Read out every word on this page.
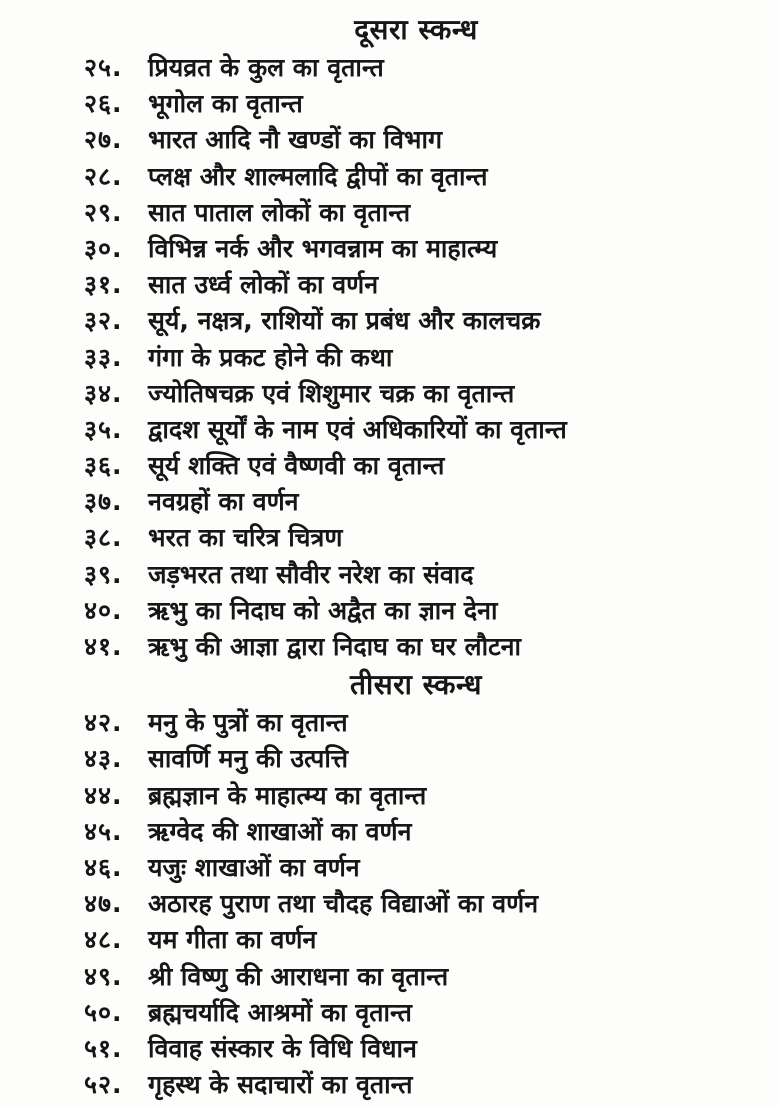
दूसरा स्कन्ध
२५.	प्रियव्रत के कुल का वृतान्त
२६.	भूगोल का वृतान्त
२७.	भारत आदि नौ खण्डों का विभाग
२८.	प्लक्ष और शाल्मलादि द्वीपों का वृतान्त
२९.	सात पाताल लोकों का वृतान्त
३०.	विभिन्न नर्क और भगवन्नाम का माहात्म्य
३१.	सात उर्ध्व लोकों का वर्णन
३२.	सूर्य, नक्षत्र, राशियों का प्रबंध और कालचक्र
३३.	गंगा के प्रकट होने की कथा
३४.	ज्योतिषचक्र एवं शिशुमार चक्र का वृतान्त
३५.	द्वादश सूर्यों के नाम एवं अधिकारियों का वृतान्त
३६.	सूर्य शक्ति एवं वैष्णवी का वृतान्त
३७.	नवग्रहों का वर्णन
३८.	भरत का चरित्र चित्रण
३९.	जड़भरत तथा सौवीर नरेश का संवाद
४०.	ऋभु का निदाघ को अद्वैत का ज्ञान देना
४१.	ऋभु की आज्ञा द्वारा निदाघ का घर लौटना
तीसरा स्कन्ध
४२.	मनु के पुत्रों का वृतान्त
४३.	सावर्णि मनु की उत्पत्ति
४४.	ब्रह्मज्ञान के माहात्म्य का वृतान्त
४५.	ऋग्वेद की शाखाओं का वर्णन
४६.	यजुः शाखाओं का वर्णन
४७.	अठारह पुराण तथा चौदह विद्याओं का वर्णन
४८.	यम गीता का वर्णन
४९.	श्री विष्णु की आराधना का वृतान्त
५०.	ब्रह्मचर्यादि आश्रमों का वृतान्त
५१.	विवाह संस्कार के विधि विधान
५२.	गृहस्थ के सदाचारों का वृतान्त
